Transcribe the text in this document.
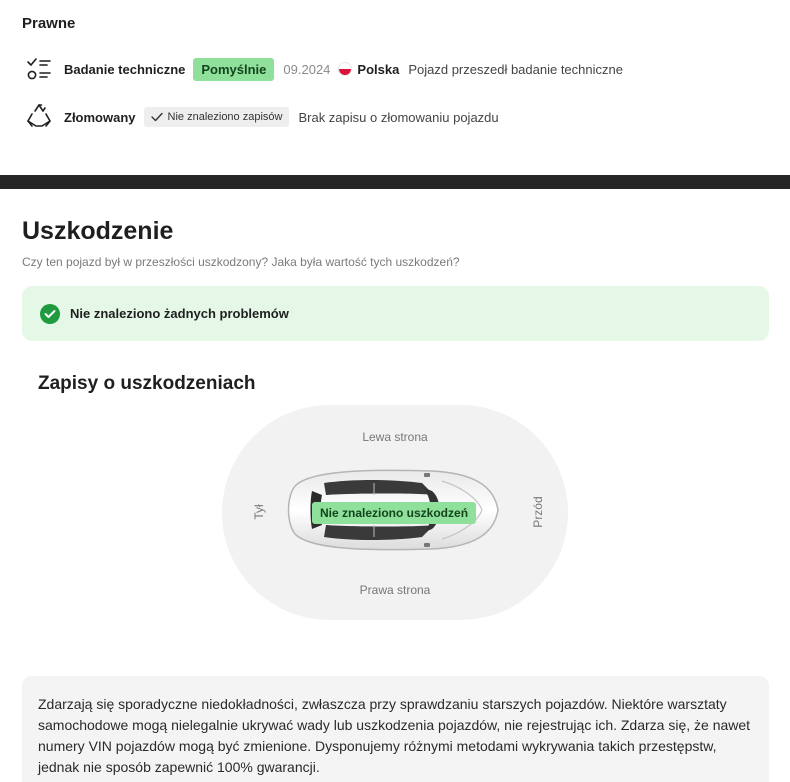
Prawne
Badanie techniczne	Pomyślnie	09.2024 Polska Pojazd przeszedł badanie techniczne
Złomowany	Nie znaleziono zapisów Brak zapisu o złomowaniu pojazdu
Uszkodzenie
Czy ten pojazd był w przeszłości uszkodzony? Jaka była wartość tych uszkodzeń?
Nie znaleziono żadnych problemów
Zapisy o uszkodzeniach
Lewa strona
Prawa strona
Tył	Przód
Nie znaleziono uszkodzeń
Zdarzają się sporadyczne niedokładności, zwłaszcza przy sprawdzaniu starszych pojazdów. Niektóre warsztaty samochodowe mogą nielegalnie ukrywać wady lub uszkodzenia pojazdów, nie rejestrując ich. Zdarza się, że nawet numery VIN pojazdów mogą być zmienione. Dysponujemy różnymi metodami wykrywania takich przestępstw, jednak nie sposób zapewnić 100% gwarancji.
